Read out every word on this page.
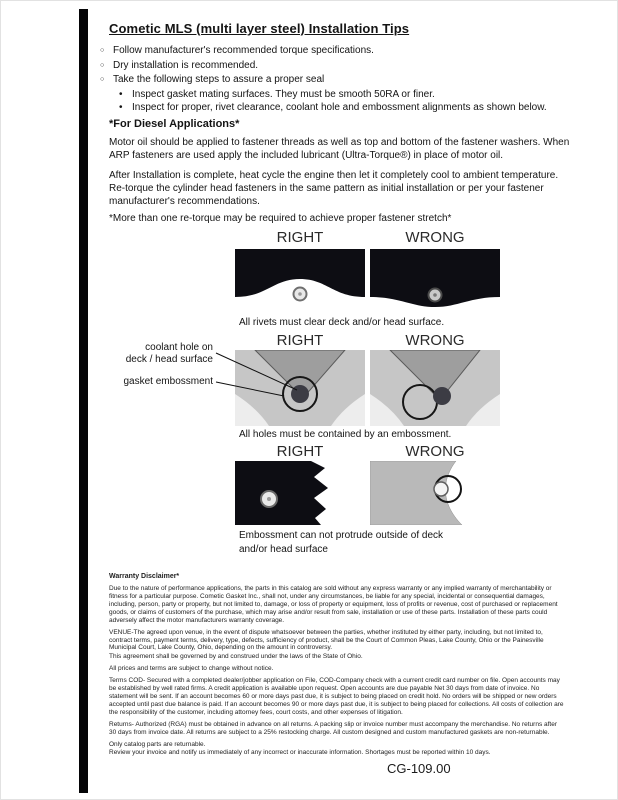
Cometic MLS (multi layer steel) Installation Tips
○ Follow manufacturer's recommended torque specifications.
○ Dry installation is recommended.
○ Take the following steps to assure a proper seal
• Inspect gasket mating surfaces. They must be smooth 50RA or finer.
• Inspect for proper, rivet clearance, coolant hole and embossment alignments as shown below.
*For Diesel Applications*

Motor oil should be applied to fastener threads as well as top and bottom of the fastener washers. When ARP fasteners are used apply the included lubricant (Ultra-Torque®) in place of motor oil.

After Installation is complete, heat cycle the engine then let it completely cool to ambient temperature. Re-torque the cylinder head fasteners in the same pattern as initial installation or per your fastener manufacturer's recommendations.

*More than one re-torque may be required to achieve proper fastener stretch*
RIGHT	WRONG
All rivets must clear deck and/or head surface.
RIGHT	WRONG
coolant hole on
deck / head surface
gasket embossment
All holes must be contained by an embossment.
RIGHT	WRONG
Embossment can not protrude outside of deck
and/or head surface
Warranty Disclaimer*

Due to the nature of performance applications, the parts in this catalog are sold without any express warranty or any implied warranty of merchantability or fitness for a particular purpose. Cometic Gasket Inc., shall not, under any circumstances, be liable for any special, incidental or consequential damages, including, person, party or property, but not limited to, damage, or loss of property or equipment, loss of profits or revenue, cost of purchased or replacement goods, or claims of customers of the purchase, which may arise and/or result from sale, installation or use of these parts. Installation of these parts could adversely affect the motor manufacturers warranty coverage.

VENUE-The agreed upon venue, in the event of dispute whatsoever between the parties, whether instituted by either party, including, but not limited to, contract terms, payment terms, delivery, type, defects, sufficiency of product, shall be the Court of Common Pleas, Lake County, Ohio or the Painesville Municipal Court, Lake County, Ohio, depending on the amount in controversy.

This agreement shall be governed by and construed under the laws of the State of Ohio.

All prices and terms are subject to change without notice.

Terms COD- Secured with a completed dealer/jobber application on File, COD-Company check with a current credit card number on file. Open accounts may be established by well rated firms. A credit application is available upon request. Open accounts are due payable Net 30 days from date of invoice. No statement will be sent. If an account becomes 60 or more days past due, it is subject to being placed on credit hold. No orders will be shipped or new orders accepted until past due balance is paid. If an account becomes 90 or more days past due, it is subject to being placed for collections. All costs of collection are the responsibility of the customer, including attorney fees, court costs, and other expenses of litigation.

Returns- Authorized (RGA) must be obtained in advance on all returns. A packing slip or invoice number must accompany the merchandise. No returns after 30 days from invoice date. All returns are subject to a 25% restocking charge. All custom designed and custom manufactured gaskets are non-returnable.

Only catalog parts are returnable.

Review your invoice and notify us immediately of any incorrect or inaccurate information. Shortages must be reported within 10 days.

CG-109.00
